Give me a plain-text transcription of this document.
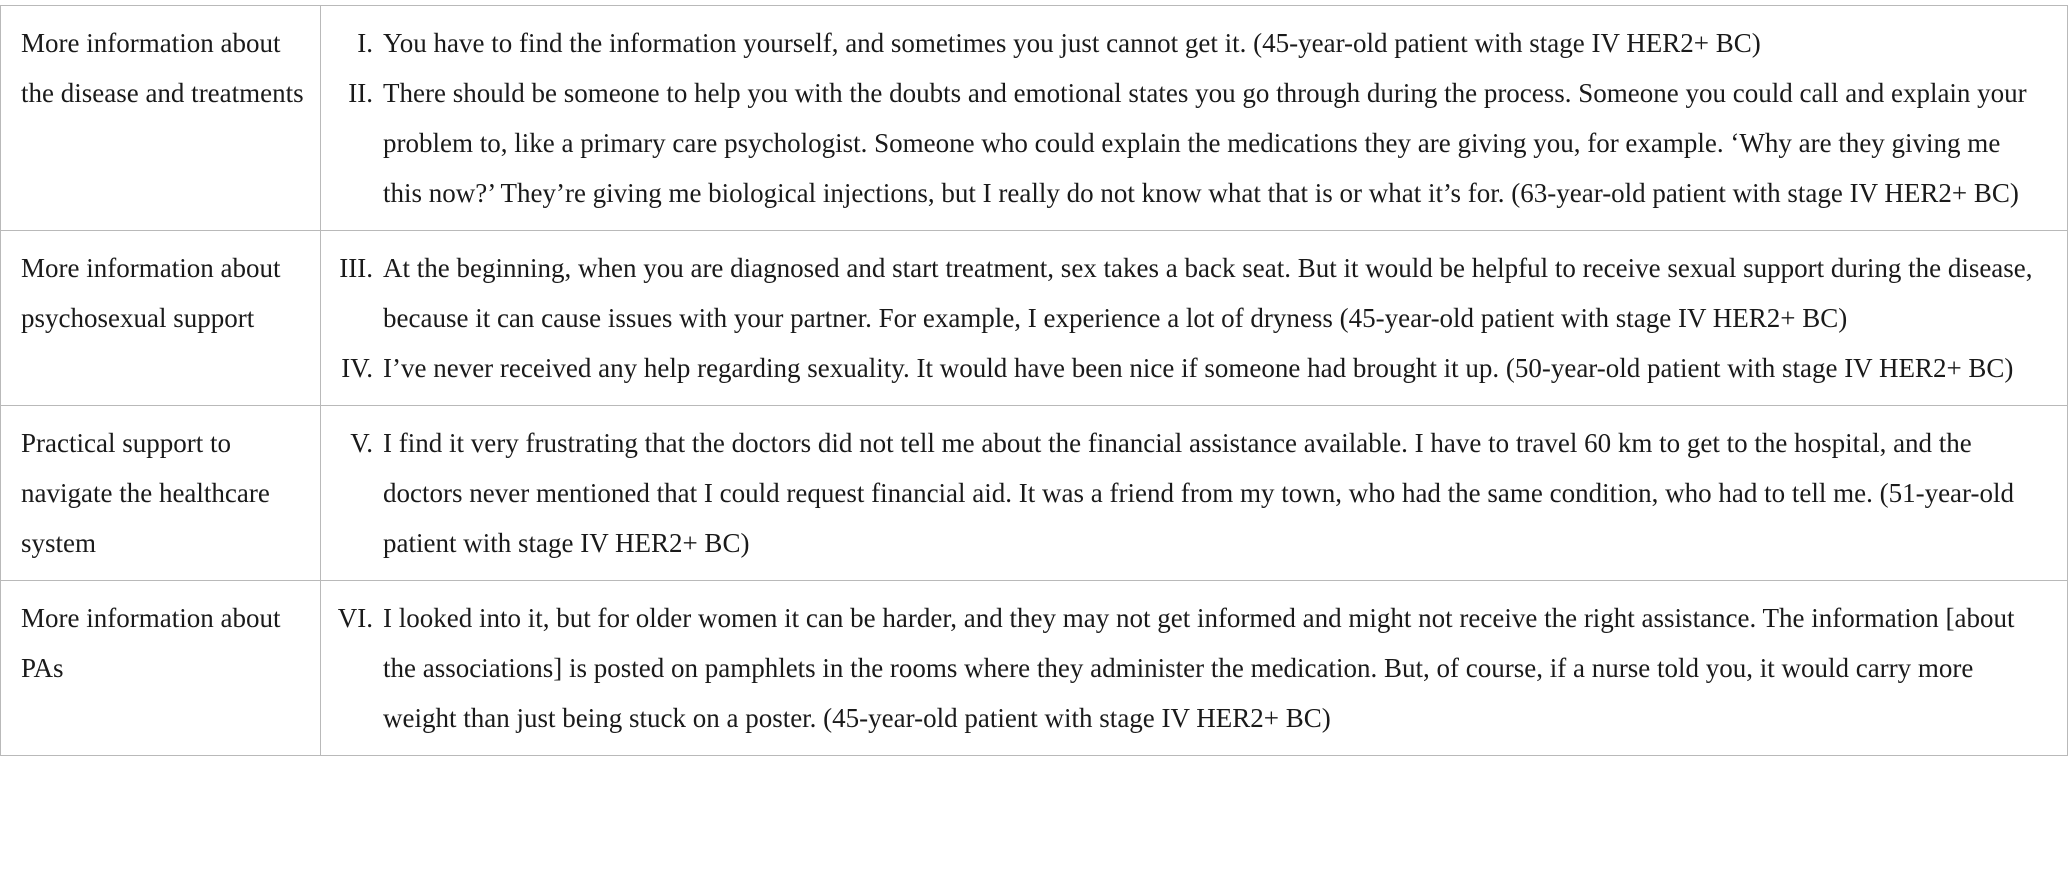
More information about the disease and treatments	I. You have to find the information yourself, and sometimes you just cannot get it. (45-year-old patient with stage IV HER2+ BC)
II. There should be someone to help you with the doubts and emotional states you go through during the process. Someone you could call and explain your problem to, like a primary care psychologist. Someone who could explain the medications they are giving you, for example. ‘Why are they giving me this now?’ They’re giving me biological injections, but I really do not know what that is or what it’s for. (63-year-old patient with stage IV HER2+ BC)

More information about psychosexual support	III. At the beginning, when you are diagnosed and start treatment, sex takes a back seat. But it would be helpful to receive sexual support during the disease, because it can cause issues with your partner. For example, I experience a lot of dryness (45-year-old patient with stage IV HER2+ BC)
IV. I’ve never received any help regarding sexuality. It would have been nice if someone had brought it up. (50-year-old patient with stage IV HER2+ BC)

Practical support to navigate the healthcare system	V. I find it very frustrating that the doctors did not tell me about the financial assistance available. I have to travel 60 km to get to the hospital, and the doctors never mentioned that I could request financial aid. It was a friend from my town, who had the same condition, who had to tell me. (51-year-old patient with stage IV HER2+ BC)

More information about PAs	VI. I looked into it, but for older women it can be harder, and they may not get informed and might not receive the right assistance. The information [about the associations] is posted on pamphlets in the rooms where they administer the medication. But, of course, if a nurse told you, it would carry more weight than just being stuck on a poster. (45-year-old patient with stage IV HER2+ BC)
